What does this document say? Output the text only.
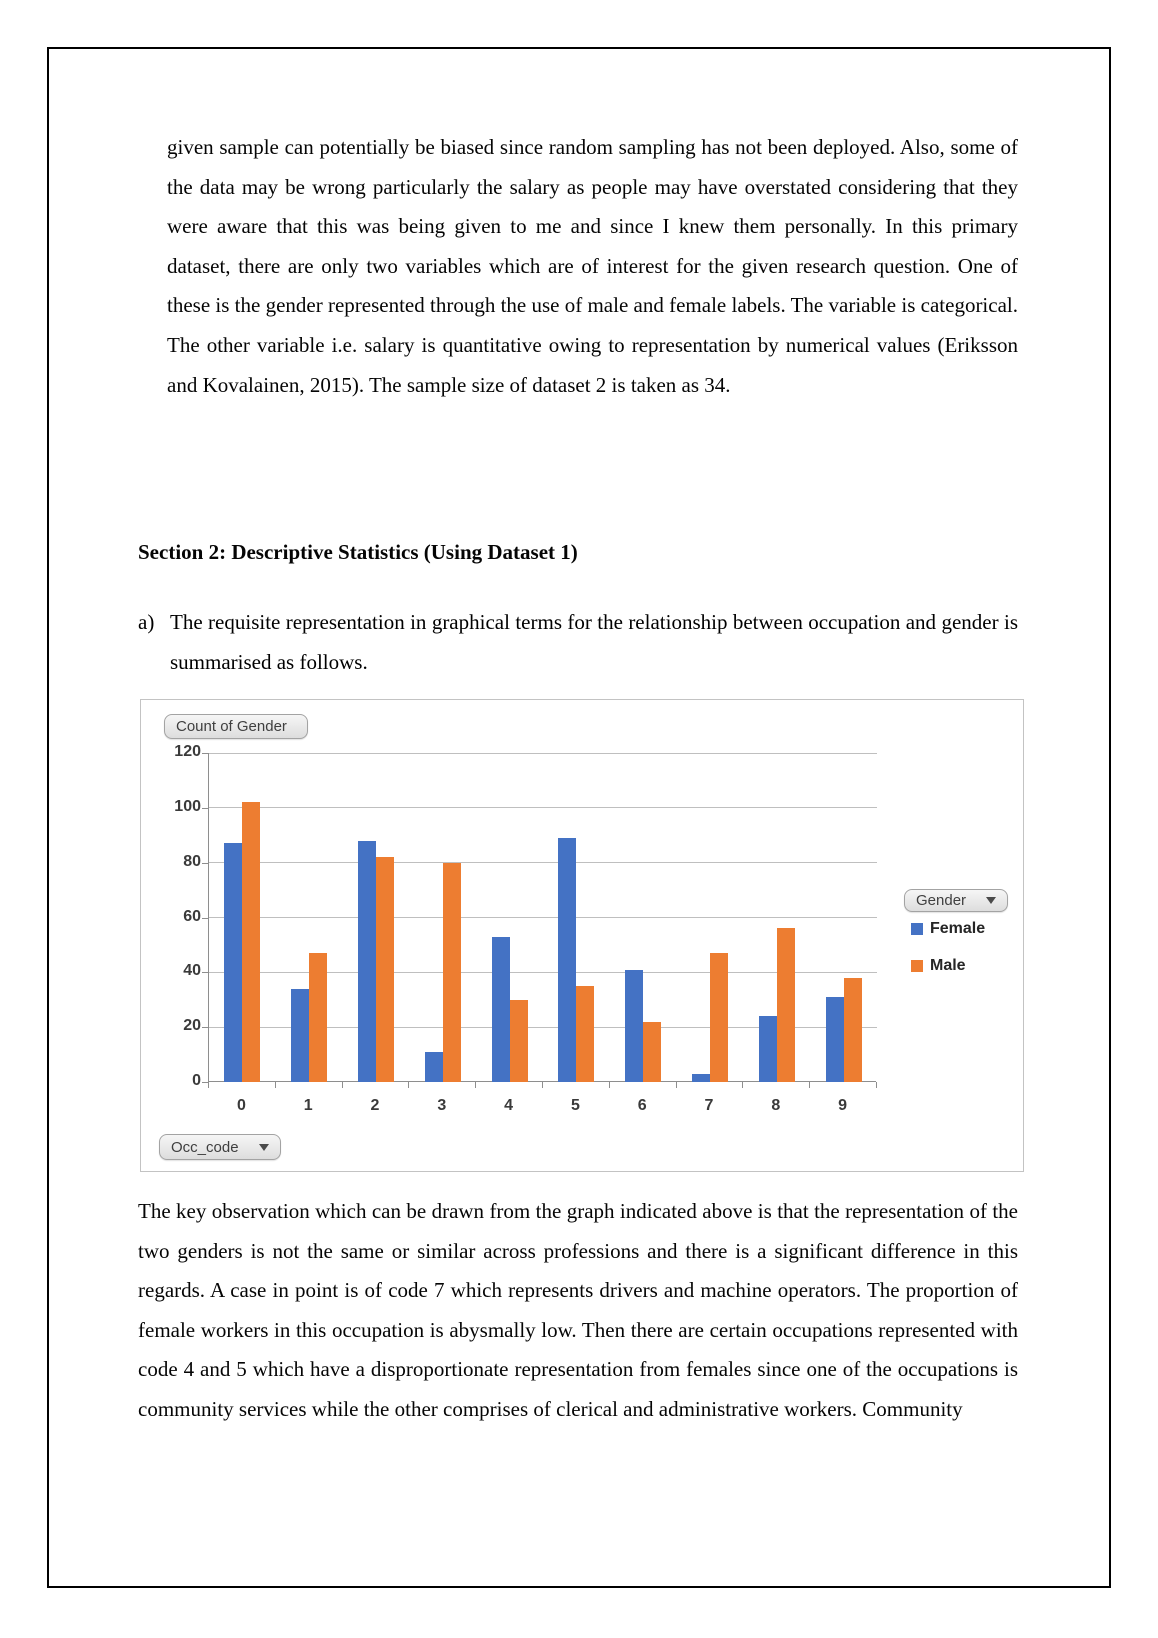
given sample can potentially be biased since random sampling has not been deployed. Also, some of the data may be wrong particularly the salary as people may have overstated considering that they were aware that this was being given to me and since I knew them personally. In this primary dataset, there are only two variables which are of interest for the given research question. One of these is the gender represented through the use of male and female labels. The variable is categorical. The other variable i.e. salary is quantitative owing to representation by numerical values (Eriksson and Kovalainen, 2015). The sample size of dataset 2 is taken as 34.

Section 2: Descriptive Statistics (Using Dataset 1)
a) The requisite representation in graphical terms for the relationship between occupation and gender is summarised as follows.
Count of Gender
Gender
Female
Male
Occ_code
0
20
40
60
80
100
120
0	1	2	3	4	5	6	7	8	9

The key observation which can be drawn from the graph indicated above is that the representation of the two genders is not the same or similar across professions and there is a significant difference in this regards. A case in point is of code 7 which represents drivers and machine operators. The proportion of female workers in this occupation is abysmally low. Then there are certain occupations represented with code 4 and 5 which have a disproportionate representation from females since one of the occupations is community services while the other comprises of clerical and administrative workers. Community
